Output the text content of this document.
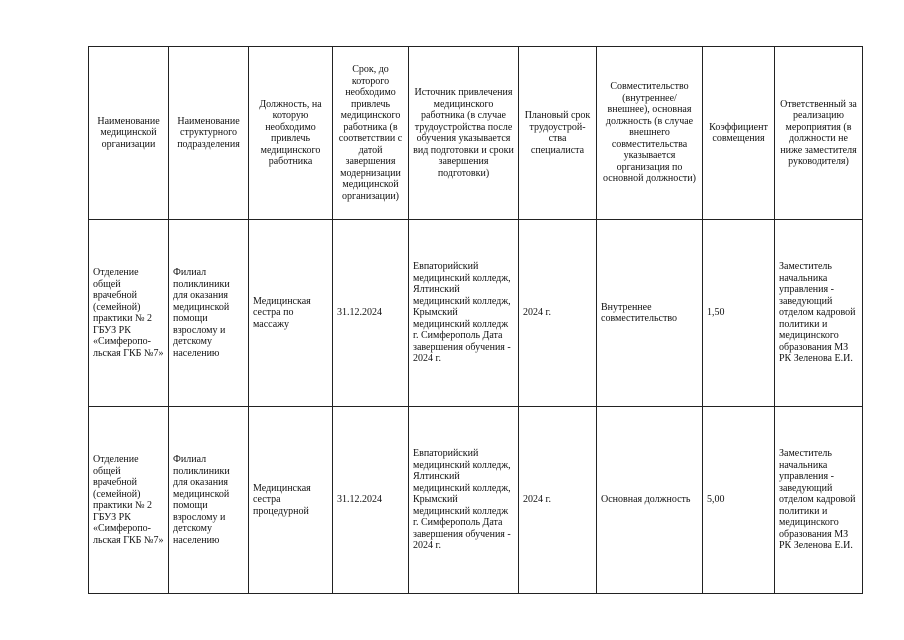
Наименование медицинской организации	Наименование структурного подразделения	Должность, на которую необходимо привлечь медицинского работника	Срок, до которого необходимо привлечь медицинского работника (в соответствии с датой завершения модернизации медицинской организации)	Источник привлечения медицинского работника (в случае трудоустройства после обучения указывается вид подготовки и сроки завершения подготовки)	Плановый срок трудоустрой-ства специалиста	Совместительство (внутреннее/ внешнее), основная должность (в случае внешнего совместительства указывается организация по основной должности)	Коэффициент совмещения	Ответственный за реализацию мероприятия (в должности не ниже заместителя руководителя)
Отделение общей врачебной (семейной) практики № 2 ГБУЗ РК «Симферопо-льская ГКБ №7»	Филиал поликлиники для оказания медицинской помощи взрослому и детскому населению	Медицинская сестра по массажу	31.12.2024	Евпаторийский медицинский колледж, Ялтинский медицинский колледж, Крымский медицинский колледж г. Симферополь Дата завершения обучения - 2024 г.	2024 г.	Внутреннее совместительство	1,50	Заместитель начальника управления - заведующий отделом кадровой политики и медицинского образования МЗ РК Зеленова Е.И.
Отделение общей врачебной (семейной) практики № 2 ГБУЗ РК «Симферопо-льская ГКБ №7»	Филиал поликлиники для оказания медицинской помощи взрослому и детскому населению	Медицинская сестра процедурной	31.12.2024	Евпаторийский медицинский колледж, Ялтинский медицинский колледж, Крымский медицинский колледж г. Симферополь Дата завершения обучения - 2024 г.	2024 г.	Основная должность	5,00	Заместитель начальника управления - заведующий отделом кадровой политики и медицинского образования МЗ РК Зеленова Е.И.
